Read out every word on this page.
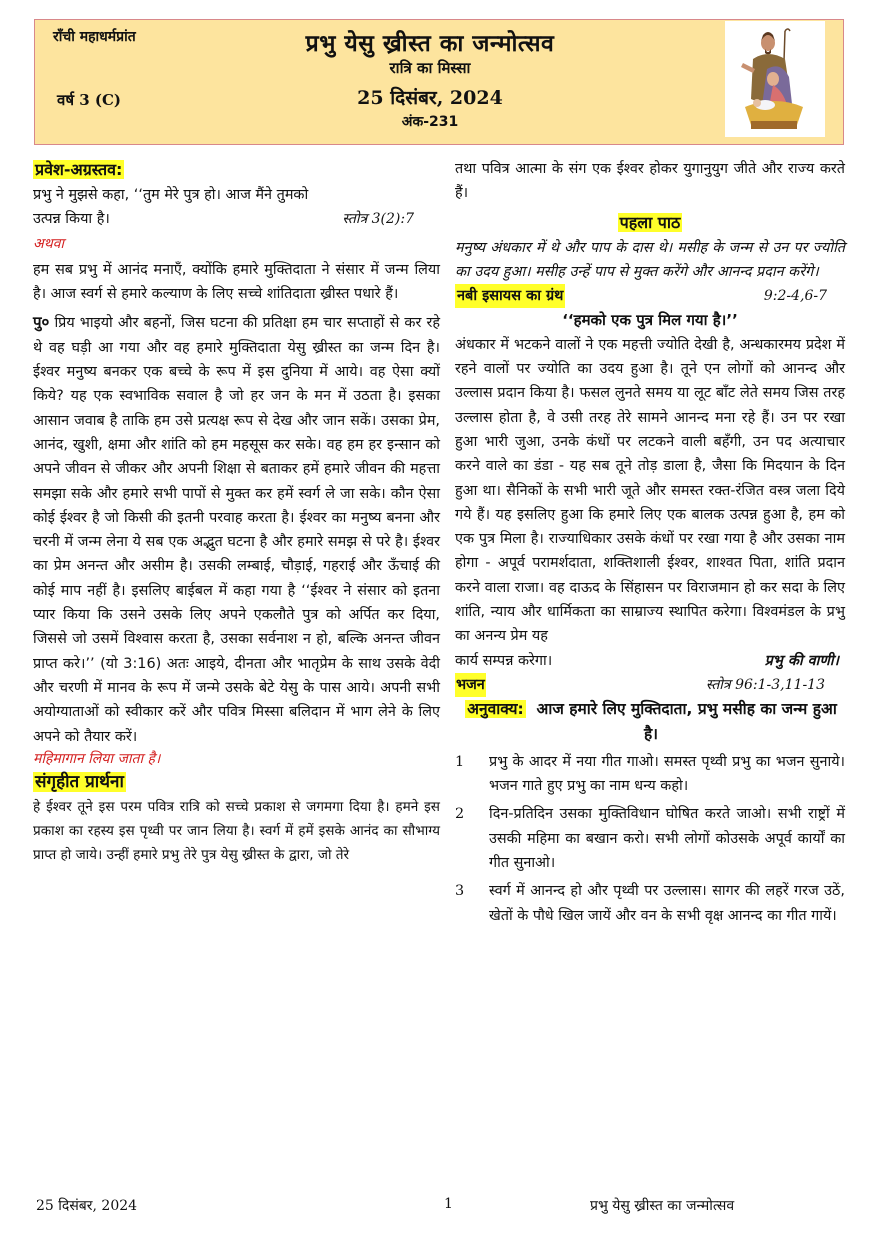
राँची महाधर्मप्रांत
वर्ष 3 (C)
प्रभु येसु ख्रीस्त का जन्मोत्सव
रात्रि का मिस्सा
25 दिसंबर, 2024
अंक-231
प्रवेश-अग्रस्तव:

प्रभु ने मुझसे कहा, ‘‘तुम मेरे पुत्र हो। आज मैंने तुमको

उत्पन्न किया है।	स्तोत्र 3(2):7

अथवा

हम सब प्रभु में आनंद मनाएँ, क्योंकि हमारे मुक्तिदाता ने संसार में जन्म लिया है। आज स्वर्ग से हमारे कल्याण के लिए सच्चे शांतिदाता ख्रीस्त पधारे हैं।

पु० प्रिय भाइयो और बहनों, जिस घटना की प्रतिक्षा हम चार सप्ताहों से कर रहे थे वह घड़ी आ गया और वह हमारे मुक्तिदाता येसु ख्रीस्त का जन्म दिन है। ईश्वर मनुष्य बनकर एक बच्चे के रूप में इस दुनिया में आये। वह ऐसा क्यों किये? यह एक स्वभाविक सवाल है जो हर जन के मन में उठता है। इसका आसान जवाब है ताकि हम उसे प्रत्यक्ष रूप से देख और जान सकें। उसका प्रेम, आनंद, खुशी, क्षमा और शांति को हम महसूस कर सके। वह हम हर इन्सान को अपने जीवन से जीकर और अपनी शिक्षा से बताकर हमें हमारे जीवन की महत्ता समझा सके और हमारे सभी पापों से मुक्त कर हमें स्वर्ग ले जा सके। कौन ऐसा कोई ईश्वर है जो किसी की इतनी परवाह करता है। ईश्वर का मनुष्य बनना और चरनी में जन्म लेना ये सब एक अद्भुत घटना है और हमारे समझ से परे है। ईश्वर का प्रेम अनन्त और असीम है। उसकी लम्बाई, चौड़ाई, गहराई और ऊँचाई की कोई माप नहीं है। इसलिए बाईबल में कहा गया है ‘‘ईश्वर ने संसार को इतना प्यार किया कि उसने उसके लिए अपने एकलौते पुत्र को अर्पित कर दिया, जिससे जो उसमें विश्वास करता है, उसका सर्वनाश न हो, बल्कि अनन्त जीवन प्राप्त करे।’’ (यो 3:16) अतः आइये, दीनता और भातृप्रेम के साथ उसके वेदी और चरणी में मानव के रूप में जन्मे उसके बेटे येसु के पास आये। अपनी सभी अयोग्याताओं को स्वीकार करें और पवित्र मिस्सा बलिदान में भाग लेने के लिए अपने को तैयार करें।

महिमागान लिया जाता है।

संगृहीत प्रार्थना

हे ईश्वर तूने इस परम पवित्र रात्रि को सच्चे प्रकाश से जगमगा दिया है। हमने इस प्रकाश का रहस्य इस पृथ्वी पर जान लिया है। स्वर्ग में हमें इसके आनंद का सौभाग्य प्राप्त हो जाये। उन्हीं हमारे प्रभु तेरे पुत्र येसु ख्रीस्त के द्वारा, जो तेरे

तथा पवित्र आत्मा के संग एक ईश्वर होकर युगानुयुग जीते और राज्य करते हैं।

पहला पाठ

मनुष्य अंधकार में थे और पाप के दास थे। मसीह के जन्म से उन पर ज्योति का उदय हुआ। मसीह उन्हें पाप से मुक्त करेंगे और आनन्द प्रदान करेंगे।

नबी इसायस का ग्रंथ	9:2-4,6-7

‘‘हमको एक पुत्र मिल गया है।’’

अंधकार में भटकने वालों ने एक महत्ती ज्योति देखी है, अन्धकारमय प्रदेश में रहने वालों पर ज्योति का उदय हुआ है। तूने एन लोगों को आनन्द और उल्लास प्रदान किया है। फसल लुनते समय या लूट बाँट लेते समय जिस तरह उल्लास होता है, वे उसी तरह तेरे सामने आनन्द मना रहे हैं। उन पर रखा हुआ भारी जुआ, उनके कंधों पर लटकने वाली बहँगी, उन पद अत्याचार करने वाले का डंडा - यह सब तूने तोड़ डाला है, जैसा कि मिदयान के दिन हुआ था। सैनिकों के सभी भारी जूते और समस्त रक्त-रंजित वस्त्र जला दिये गये हैं। यह इसलिए हुआ कि हमारे लिए एक बालक उत्पन्न हुआ है, हम को एक पुत्र मिला है। राज्याधिकार उसके कंधों पर रखा गया है और उसका नाम होगा - अपूर्व परामर्शदाता, शक्तिशाली ईश्वर, शाश्वत पिता, शांति प्रदान करने वाला राजा। वह दाऊद के सिंहासन पर विराजमान हो कर सदा के लिए शांति, न्याय और धार्मिकता का साम्राज्य स्थापित करेगा। विश्वमंडल के प्रभु का अनन्य प्रेम यह

कार्य सम्पन्न करेगा।	प्रभु की वाणी।
भजन	स्तोत्र 96:1-3,11-13

अनुवाक्य: आज हमारे लिए मुक्तिदाता, प्रभु मसीह का जन्म हुआ है।

1	प्रभु के आदर में नया गीत गाओ। समस्त पृथ्वी प्रभु का भजन सुनाये। भजन गाते हुए प्रभु का नाम धन्य कहो।
2	दिन-प्रतिदिन उसका मुक्तिविधान घोषित करते जाओ। सभी राष्ट्रों में उसकी महिमा का बखान करो। सभी लोगों कोउसके अपूर्व कार्यों का गीत सुनाओ।
3	स्वर्ग में आनन्द हो और पृथ्वी पर उल्लास। सागर की लहरें गरज उठें, खेतों के पौधे खिल जायें और वन के सभी वृक्ष आनन्द का गीत गायें।
25 दिसंबर, 2024	1	प्रभु येसु ख्रीस्त का जन्मोत्सव
